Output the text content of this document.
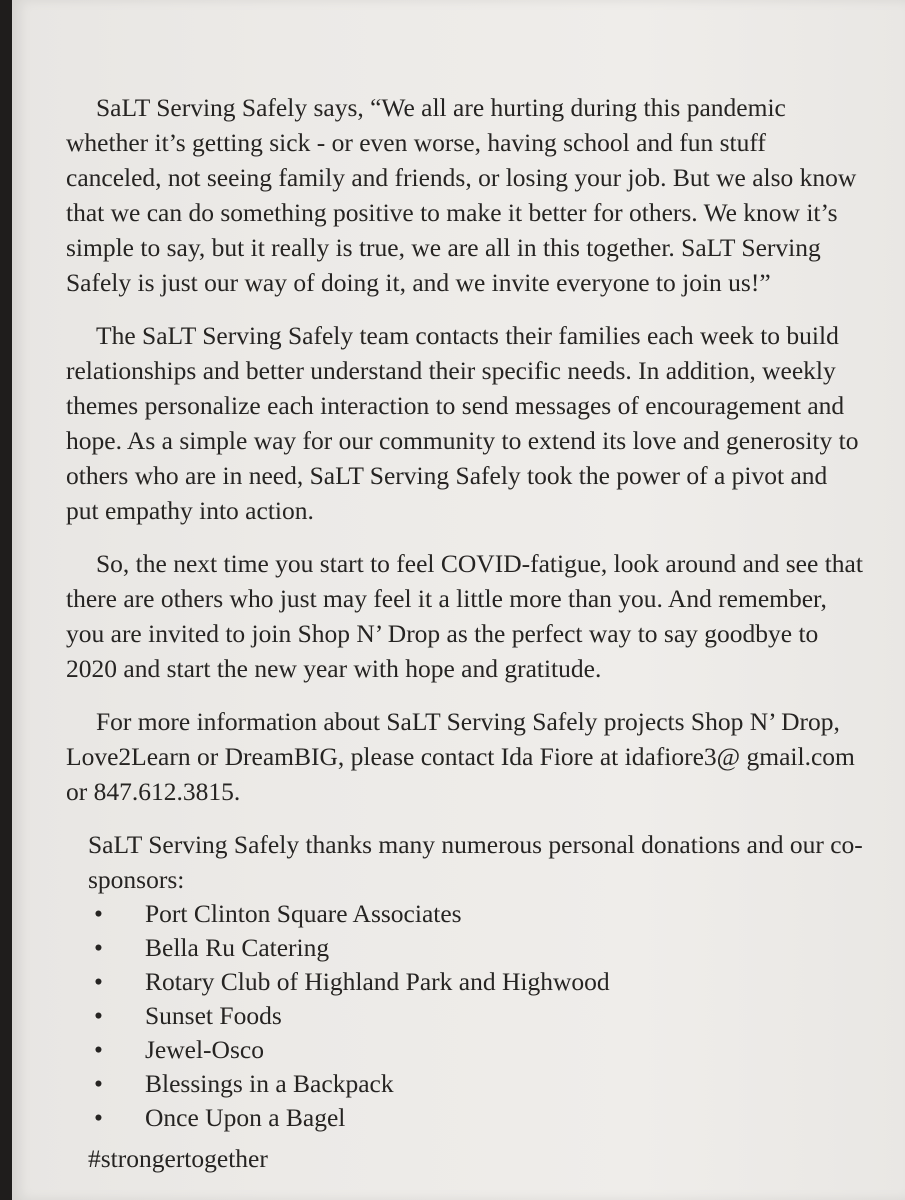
SaLT Serving Safely says, “We all are hurting during this pandemic whether it’s getting sick - or even worse, having school and fun stuff canceled, not seeing family and friends, or losing your job. But we also know that we can do something positive to make it better for others. We know it’s simple to say, but it really is true, we are all in this together. SaLT Serving Safely is just our way of doing it, and we invite everyone to join us!”

The SaLT Serving Safely team contacts their families each week to build relationships and better understand their specific needs. In addition, weekly themes personalize each interaction to send messages of encouragement and hope. As a simple way for our community to extend its love and generosity to others who are in need, SaLT Serving Safely took the power of a pivot and put empathy into action.

So, the next time you start to feel COVID-fatigue, look around and see that there are others who just may feel it a little more than you. And remember, you are invited to join Shop N’ Drop as the perfect way to say goodbye to 2020 and start the new year with hope and gratitude.

For more information about SaLT Serving Safely projects Shop N’ Drop, Love2Learn or DreamBIG, please contact Ida Fiore at idafiore3@ gmail.com or 847.612.3815.

SaLT Serving Safely thanks many numerous personal donations and our co-sponsors:

• Port Clinton Square Associates
• Bella Ru Catering
• Rotary Club of Highland Park and Highwood
• Sunset Foods
• Jewel-Osco
• Blessings in a Backpack
• Once Upon a Bagel

#strongertogether
